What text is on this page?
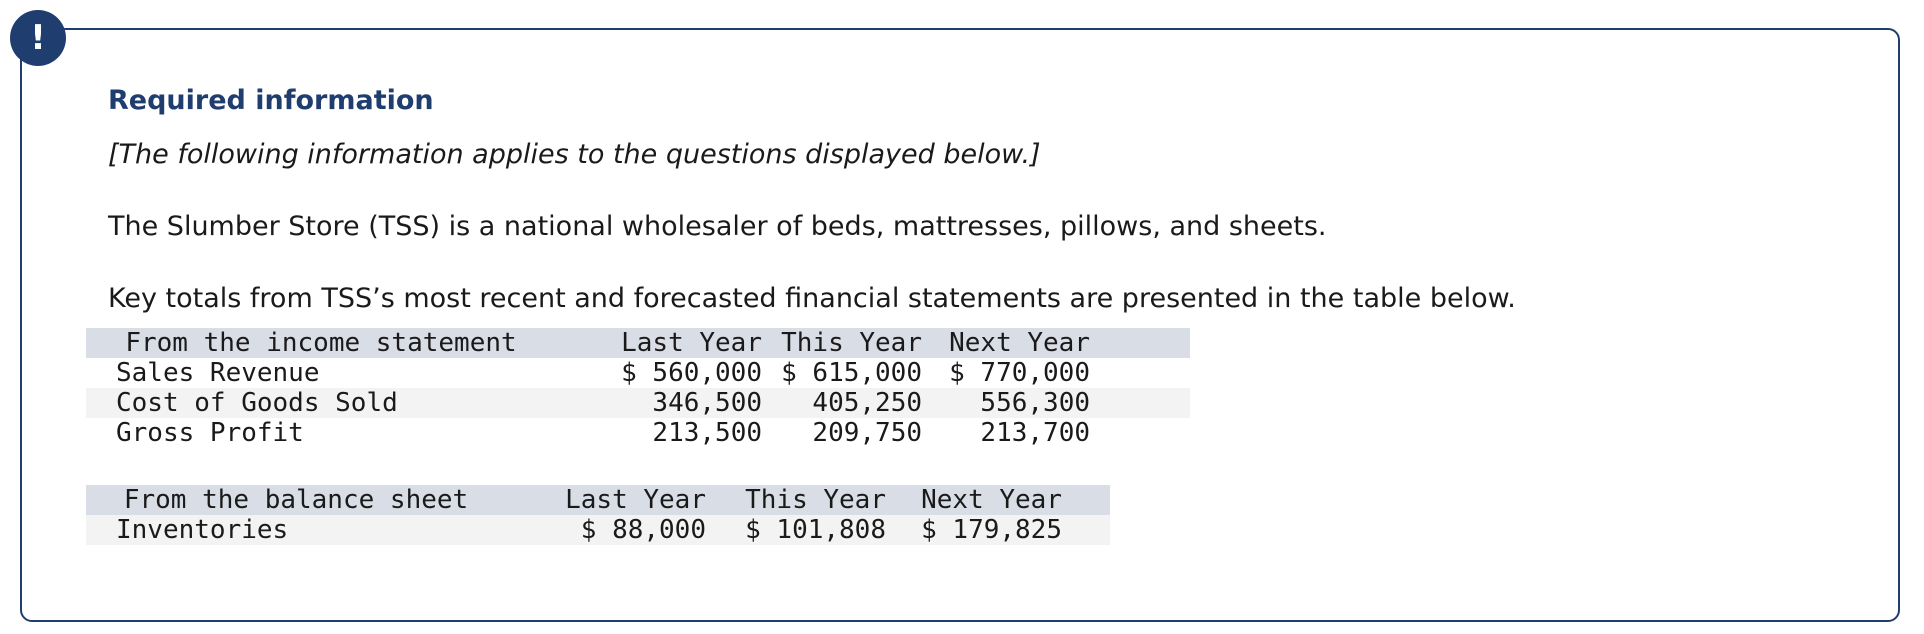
!

Required information

[The following information applies to the questions displayed below.]

The Slumber Store (TSS) is a national wholesaler of beds, mattresses, pillows, and sheets.

Key totals from TSS’s most recent and forecasted financial statements are presented in the table below.

From the income statement	Last Year	This Year	Next Year	
Sales Revenue	$ 560,000	$ 615,000	$ 770,000	
Cost of Goods Sold	346,500	405,250	556,300	
Gross Profit	213,500	209,750	213,700	
From the balance sheet	Last Year	This Year	Next Year	
Inventories	$ 88,000	$ 101,808	$ 179,825	
